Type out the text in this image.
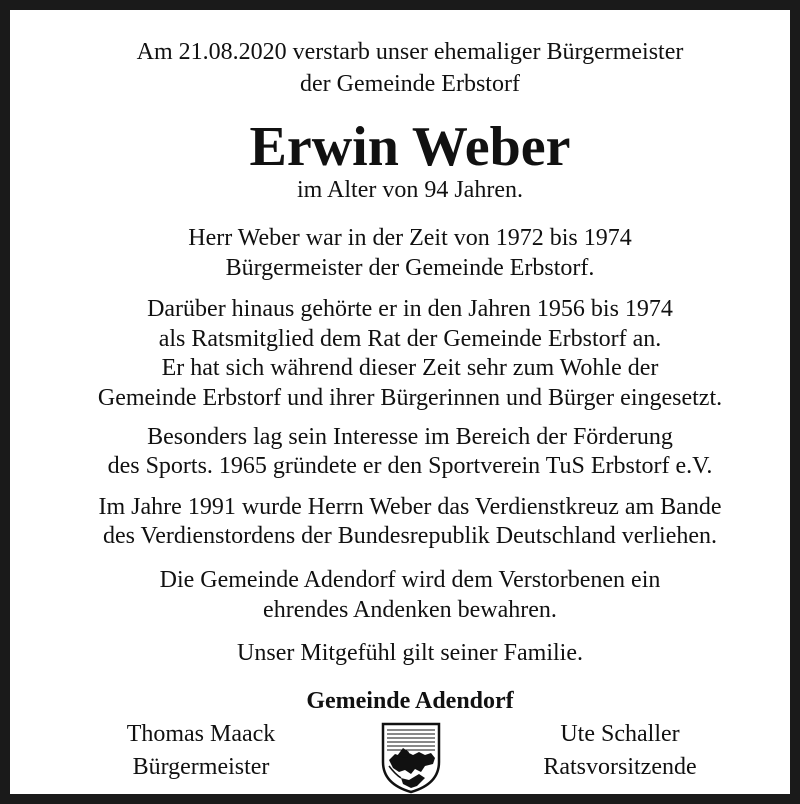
Am 21.08.2020 verstarb unser ehemaliger Bürgermeister
der Gemeinde Erbstorf
Erwin Weber
im Alter von 94 Jahren.
Herr Weber war in der Zeit von 1972 bis 1974
Bürgermeister der Gemeinde Erbstorf.
Darüber hinaus gehörte er in den Jahren 1956 bis 1974
als Ratsmitglied dem Rat der Gemeinde Erbstorf an.
Er hat sich während dieser Zeit sehr zum Wohle der
Gemeinde Erbstorf und ihrer Bürgerinnen und Bürger eingesetzt.
Besonders lag sein Interesse im Bereich der Förderung
des Sports. 1965 gründete er den Sportverein TuS Erbstorf e.V.
Im Jahre 1991 wurde Herrn Weber das Verdienstkreuz am Bande
des Verdienstordens der Bundesrepublik Deutschland verliehen.
Die Gemeinde Adendorf wird dem Verstorbenen ein
ehrendes Andenken bewahren.
Unser Mitgefühl gilt seiner Familie.
Gemeinde Adendorf
Thomas Maack
Bürgermeister
Ute Schaller
Ratsvorsitzende
